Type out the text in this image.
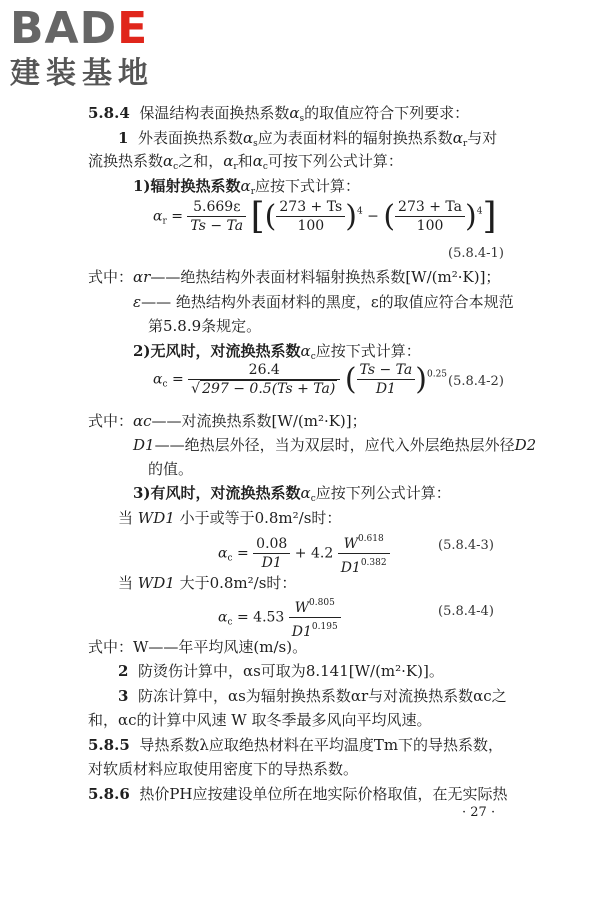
BADE
建装基地
5.8.4 保温结构表面换热系数$\alpha_s$的取值应符合下列要求：
1 外表面换热系数$\alpha_s$应为表面材料的辐射换热系数$\alpha_r$与对
流换热系数$\alpha_c$之和，$\alpha_r$和$\alpha_c$可按下列公式计算：
1)辐射换热系数$\alpha_r$应按下式计算：
$\alpha_r = \frac{5.669\varepsilon}{Ts - Ta}$ [( $\frac{273 + Ts}{100} )^4$ − ( $\frac{273 + Ta}{100} )^4$]
(5.8.4-1)
式中：αr——绝热结构外表面材料辐射换热系数[W/(m²·K)]；
ε—— 绝热结构外表面材料的黑度，ε的取值应符合本规范
第5.8.9条规定。
2)无风时，对流换热系数$\alpha_c$应按下式计算：
$\alpha_c = \frac{26.4}{√ 297 - 0.5(Ts + Ta)}$ ( $\frac{Ts - Ta}{D1} )^{0.25}$ (5.8.4-2)
式中：αc——对流换热系数[W/(m²·K)]；
D1——绝热层外径，当为双层时，应代入外层绝热层外径D2
的值。
3)有风时，对流换热系数$\alpha_c$应按下列公式计算：
当 WD1 小于或等于0.8m²/s时：
$\alpha_c = \frac{0.08}{D1} + 4.2 \frac{W^{0.618}}{D1^{0.382}}$	(5.8.4-3)
当 WD1 大于0.8m²/s时：
$\alpha_c = 4.53 \frac{W^{0.805}}{D1^{0.195}}$	(5.8.4-4)
式中：W——年平均风速(m/s)。
2 防烫伤计算中，αs可取为8.141[W/(m²·K)]。
3 防冻计算中，αs为辐射换热系数αr与对流换热系数αc之
和，αc的计算中风速 W 取冬季最多风向平均风速。
5.8.5 导热系数λ应取绝热材料在平均温度Tm下的导热系数，
对软质材料应取使用密度下的导热系数。
5.8.6 热价PH应按建设单位所在地实际价格取值，在无实际热
· 27 ·
